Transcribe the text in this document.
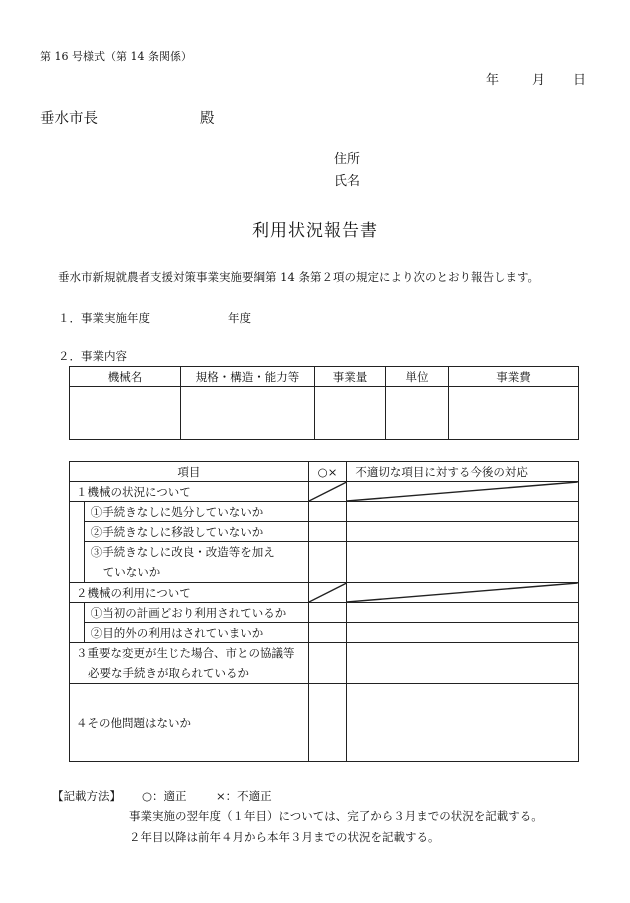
第 16 号様式（第 14 条関係）
年	月 日
垂水市長	殿
住所
氏名
利用状況報告書
垂水市新規就農者支援対策事業実施要綱第 14 条第２項の規定により次のとおり報告します。
１．事業実施年度	年度
２．事業内容
機械名	規格・構造・能力等	事業量	単位	事業費

項目		○×	不適切な項目に対する今後の対応
１機械の状況について	

	①手続きなしに処分していないか		
	②手続きなしに移設していないか		

	③手続きなしに改良・改造等を加え
ていないか		

２機械の利用について	

	①当初の計画どおり利用されているか		
	②目的外の利用はされていまいか		

３重要な変更が生じた場合、市との協議等
必要な手続きが取られているか			

４その他問題はないか			
【記載方法】 ○：適正	×：不適正
事業実施の翌年度（１年目）については、完了から３月までの状況を記載する。
２年目以降は前年４月から本年３月までの状況を記載する。
